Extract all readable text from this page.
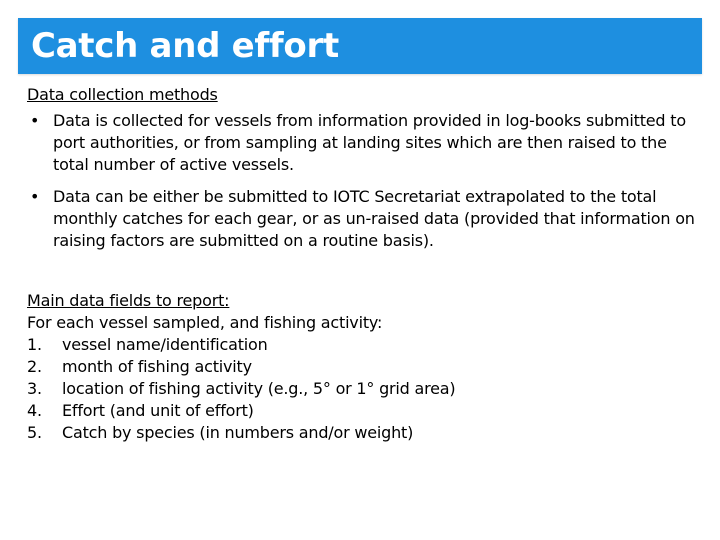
Catch and effort
Data collection methods
• Data is collected for vessels from information provided in log-books submitted to port authorities, or from sampling at landing sites which are then raised to the total number of active vessels.
• Data can be either be submitted to IOTC Secretariat extrapolated to the total monthly catches for each gear, or as un-raised data (provided that information on raising factors are submitted on a routine basis).
Main data fields to report:
For each vessel sampled, and fishing activity:
1. vessel name/identification
2. month of fishing activity
3. location of fishing activity (e.g., 5° or 1° grid area)
4. Effort (and unit of effort)
5. Catch by species (in numbers and/or weight)
